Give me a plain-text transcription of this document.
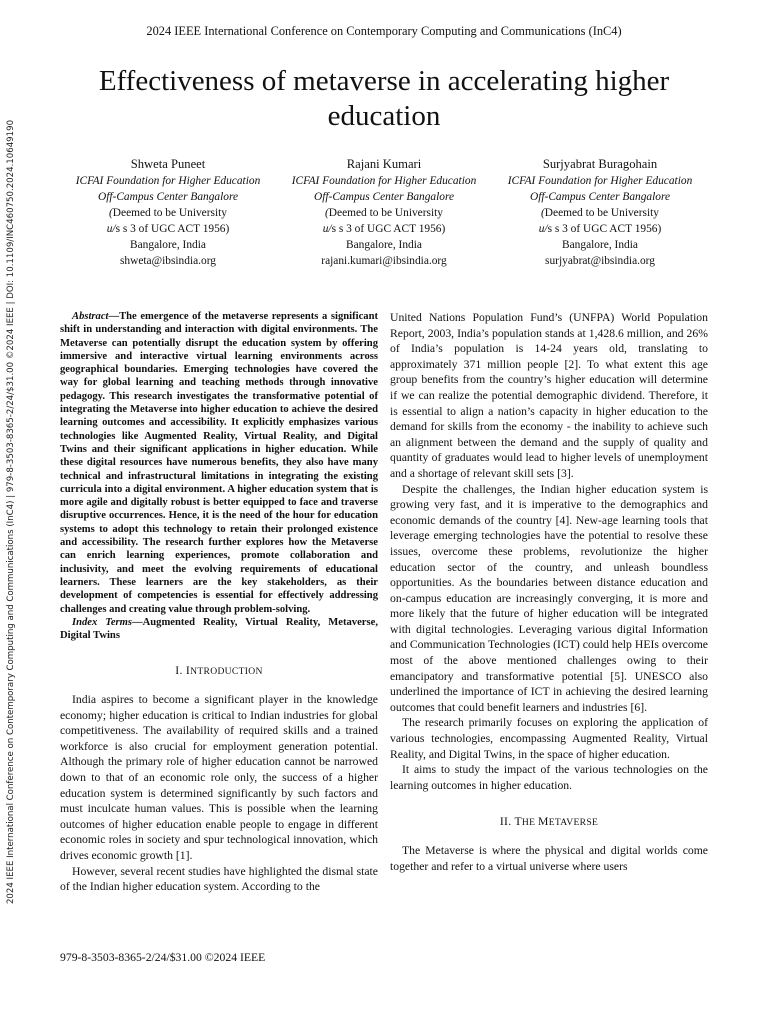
2024 IEEE International Conference on Contemporary Computing and Communications (InC4) | 979-8-3503-8365-2/24/$31.00 ©2024 IEEE | DOI: 10.1109/INC460750.2024.10649190
2024 IEEE International Conference on Contemporary Computing and Communications (InC4)
Effectiveness of metaverse in accelerating higher education
Shweta Puneet
ICFAI Foundation for Higher Education
Off-Campus Center Bangalore
(Deemed to be University
u/s s 3 of UGC ACT 1956)
Bangalore, India
shweta@ibsindia.org
Rajani Kumari
ICFAI Foundation for Higher Education
Off-Campus Center Bangalore
(Deemed to be University
u/s s 3 of UGC ACT 1956)
Bangalore, India
rajani.kumari@ibsindia.org
Surjyabrat Buragohain
ICFAI Foundation for Higher Education
Off-Campus Center Bangalore
(Deemed to be University
u/s s 3 of UGC ACT 1956)
Bangalore, India
surjyabrat@ibsindia.org

Abstract—The emergence of the metaverse represents a significant shift in understanding and interaction with digital environments. The Metaverse can potentially disrupt the education system by offering immersive and interactive virtual learning environments across geographical boundaries. Emerging technologies have covered the way for global learning and teaching methods through innovative pedagogy. This research investigates the transformative potential of integrating the Metaverse into higher education to achieve the desired learning outcomes and accessibility. It explicitly emphasizes various technologies like Augmented Reality, Virtual Reality, and Digital Twins and their significant applications in higher education. While these digital resources have numerous benefits, they also have many technical and infrastructural limitations in integrating the existing curricula into a digital environment. A higher education system that is more agile and digitally robust is better equipped to face and traverse disruptive occurrences. Hence, it is the need of the hour for education systems to adopt this technology to retain their prolonged existence and accessibility. The research further explores how the Metaverse can enrich learning experiences, promote collaboration and inclusivity, and meet the evolving requirements of educational learners. These learners are the key stakeholders, as their development of competencies is essential for effectively addressing challenges and creating value through problem-solving.

Index Terms—Augmented Reality, Virtual Reality, Metaverse, Digital Twins

I. INTRODUCTION

India aspires to become a significant player in the knowledge economy; higher education is critical to Indian industries for global competitiveness. The availability of required skills and a trained workforce is also crucial for employment generation potential. Although the primary role of higher education cannot be narrowed down to that of an economic role only, the success of a higher education system is determined significantly by such factors and must inculcate human values. This is possible when the learning outcomes of higher education enable people to engage in different economic roles in society and spur technological innovation, which drives economic growth [1].

However, several recent studies have highlighted the dismal state of the Indian higher education system. According to the

United Nations Population Fund’s (UNFPA) World Population Report, 2003, India’s population stands at 1,428.6 million, and 26% of India’s population is 14-24 years old, translating to approximately 371 million people [2]. To what extent this age group benefits from the country’s higher education will determine if we can realize the potential demographic dividend. Therefore, it is essential to align a nation’s capacity in higher education to the demand for skills from the economy - the inability to achieve such an alignment between the demand and the supply of quality and quantity of graduates would lead to higher levels of unemployment and a shortage of relevant skill sets [3].

Despite the challenges, the Indian higher education system is growing very fast, and it is imperative to the demographics and economic demands of the country [4]. New-age learning tools that leverage emerging technologies have the potential to resolve these issues, overcome these problems, revolutionize the higher education sector of the country, and unleash boundless opportunities. As the boundaries between distance education and on-campus education are increasingly converging, it is more and more likely that the future of higher education will be integrated with digital technologies. Leveraging various digital Information and Communication Technologies (ICT) could help HEIs overcome most of the above mentioned challenges owing to their emancipatory and transformative potential [5]. UNESCO also underlined the importance of ICT in achieving the desired learning outcomes that could benefit learners and industries [6].

The research primarily focuses on exploring the application of various technologies, encompassing Augmented Reality, Virtual Reality, and Digital Twins, in the space of higher education.

It aims to study the impact of the various technologies on the learning outcomes in higher education.

II. THE METAVERSE

The Metaverse is where the physical and digital worlds come together and refer to a virtual universe where users

979-8-3503-8365-2/24/$31.00 ©2024 IEEE
